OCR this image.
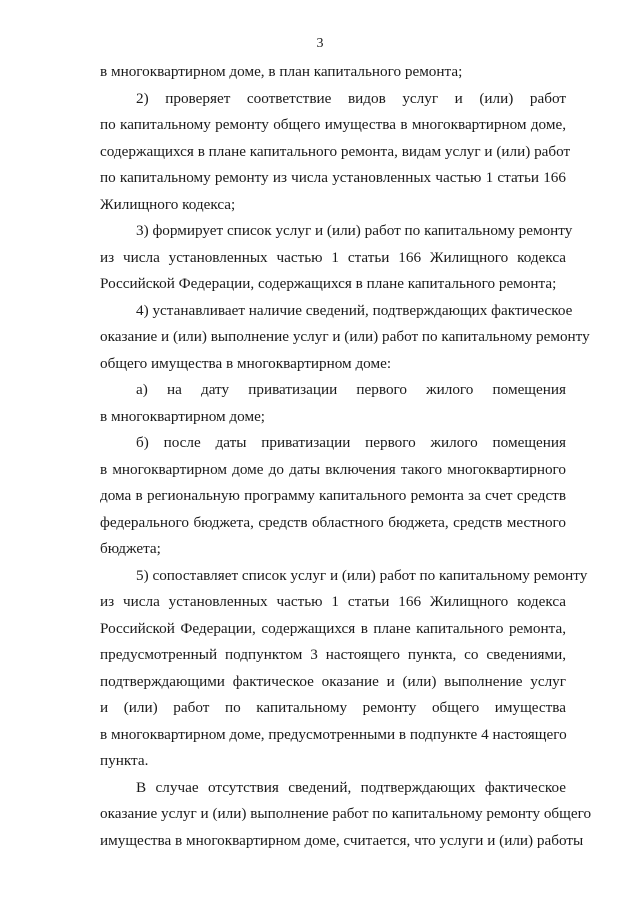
3
в многоквартирном доме, в план капитального ремонта;
2) проверяет соответствие видов услуг и (или) работ
по капитальному ремонту общего имущества в многоквартирном доме,
содержащихся в плане капитального ремонта, видам услуг и (или) работ
по капитальному ремонту из числа установленных частью 1 статьи 166
Жилищного кодекса;
3) формирует список услуг и (или) работ по капитальному ремонту
из числа установленных частью 1 статьи 166 Жилищного кодекса
Российской Федерации, содержащихся в плане капитального ремонта;
4) устанавливает наличие сведений, подтверждающих фактическое
оказание и (или) выполнение услуг и (или) работ по капитальному ремонту
общего имущества в многоквартирном доме:
а) на дату приватизации первого жилого помещения
в многоквартирном доме;
б) после даты приватизации первого жилого помещения
в многоквартирном доме до даты включения такого многоквартирного
дома в региональную программу капитального ремонта за счет средств
федерального бюджета, средств областного бюджета, средств местного
бюджета;
5) сопоставляет список услуг и (или) работ по капитальному ремонту
из числа установленных частью 1 статьи 166 Жилищного кодекса
Российской Федерации, содержащихся в плане капитального ремонта,
предусмотренный подпунктом 3 настоящего пункта, со сведениями,
подтверждающими фактическое оказание и (или) выполнение услуг
и (или) работ по капитальному ремонту общего имущества
в многоквартирном доме, предусмотренными в подпункте 4 настоящего
пункта.
В случае отсутствия сведений, подтверждающих фактическое
оказание услуг и (или) выполнение работ по капитальному ремонту общего
имущества в многоквартирном доме, считается, что услуги и (или) работы
